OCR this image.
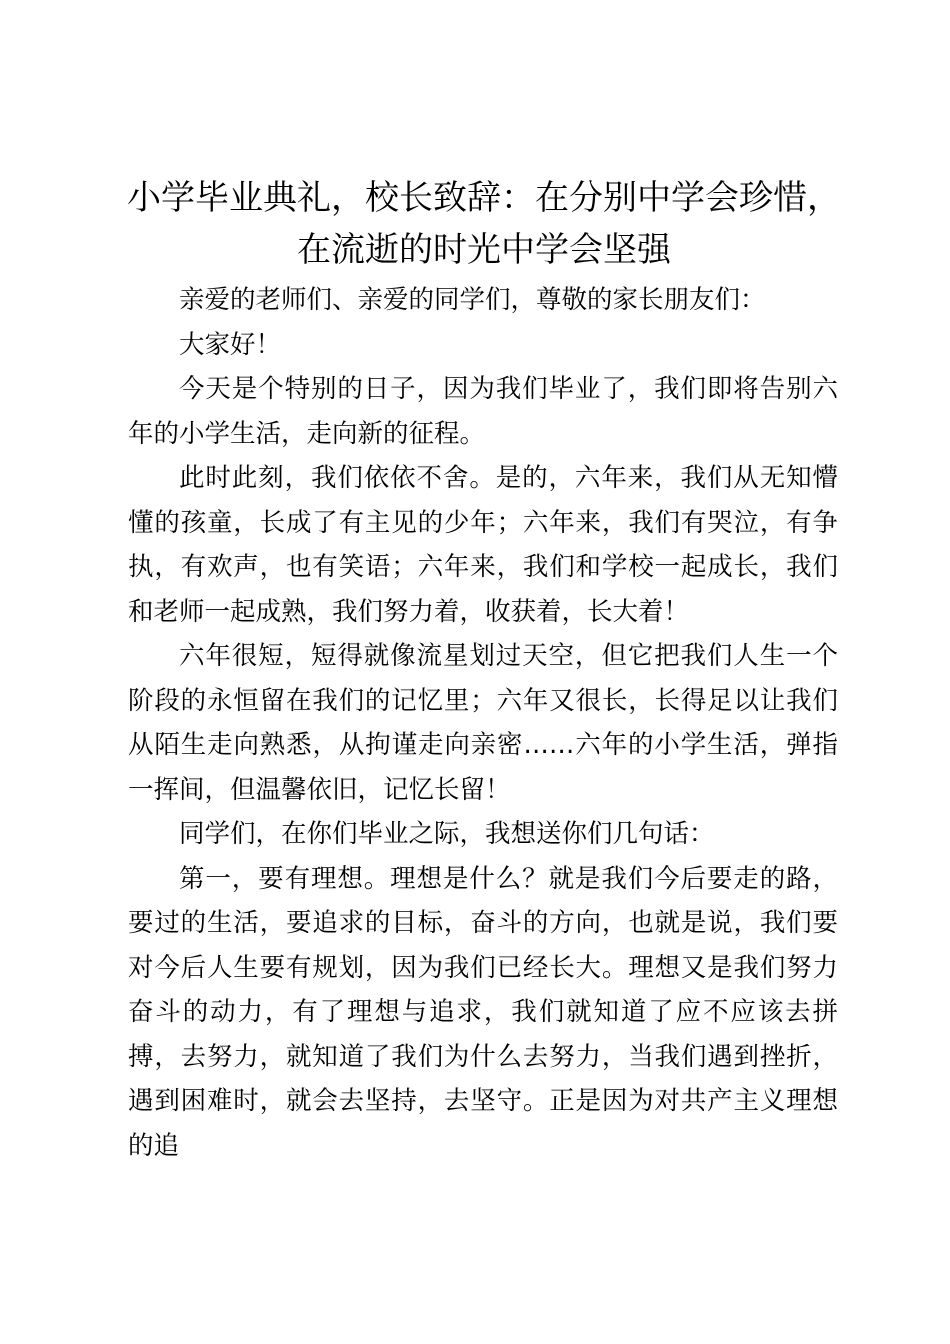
小学毕业典礼，校长致辞：在分别中学会珍惜，在流逝的时光中学会坚强

亲爱的老师们、亲爱的同学们，尊敬的家长朋友们：

大家好！

今天是个特别的日子，因为我们毕业了，我们即将告别六年的小学生活，走向新的征程。

此时此刻，我们依依不舍。是的，六年来，我们从无知懵懂的孩童，长成了有主见的少年；六年来，我们有哭泣，有争执，有欢声，也有笑语；六年来，我们和学校一起成长，我们和老师一起成熟，我们努力着，收获着，长大着！

六年很短，短得就像流星划过天空，但它把我们人生一个阶段的永恒留在我们的记忆里；六年又很长，长得足以让我们从陌生走向熟悉，从拘谨走向亲密……六年的小学生活，弹指一挥间，但温馨依旧，记忆长留！

同学们，在你们毕业之际，我想送你们几句话：

第一，要有理想。理想是什么？就是我们今后要走的路，要过的生活，要追求的目标，奋斗的方向，也就是说，我们要对今后人生要有规划，因为我们已经长大。理想又是我们努力奋斗的动力，有了理想与追求，我们就知道了应不应该去拼搏，去努力，就知道了我们为什么去努力，当我们遇到挫折，遇到困难时，就会去坚持，去坚守。正是因为对共产主义理想的追
